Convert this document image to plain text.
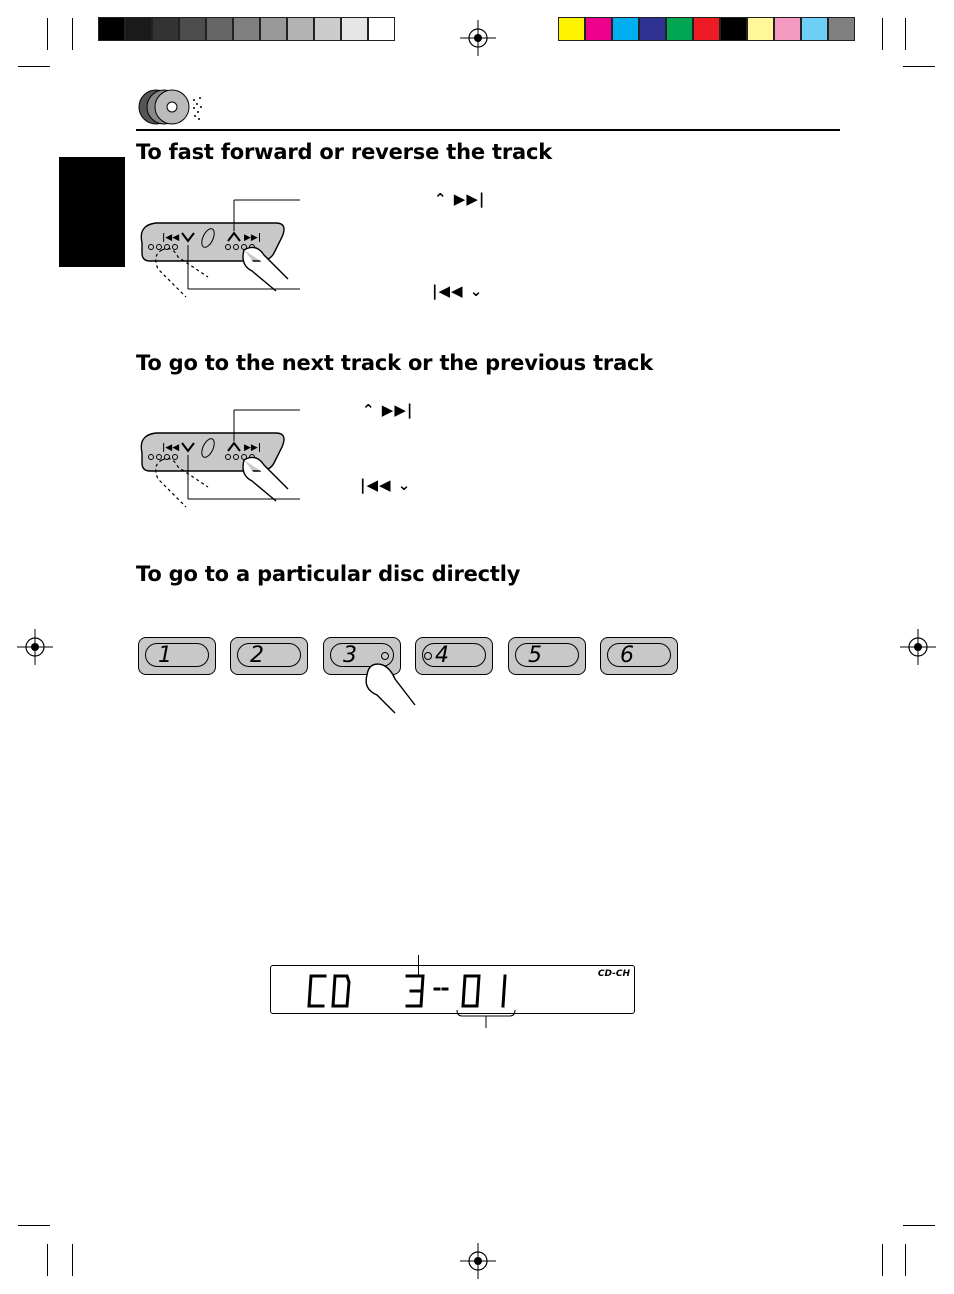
To fast forward or reverse the track
|◀◀	▶▶|
⌃ ▶▶|
|◀◀ ⌄
To go to the next track or the previous track
|◀◀	▶▶|
⌃ ▶▶|
|◀◀ ⌄
To go to a particular disc directly
1	2	3	4	5	6
CD-CH
